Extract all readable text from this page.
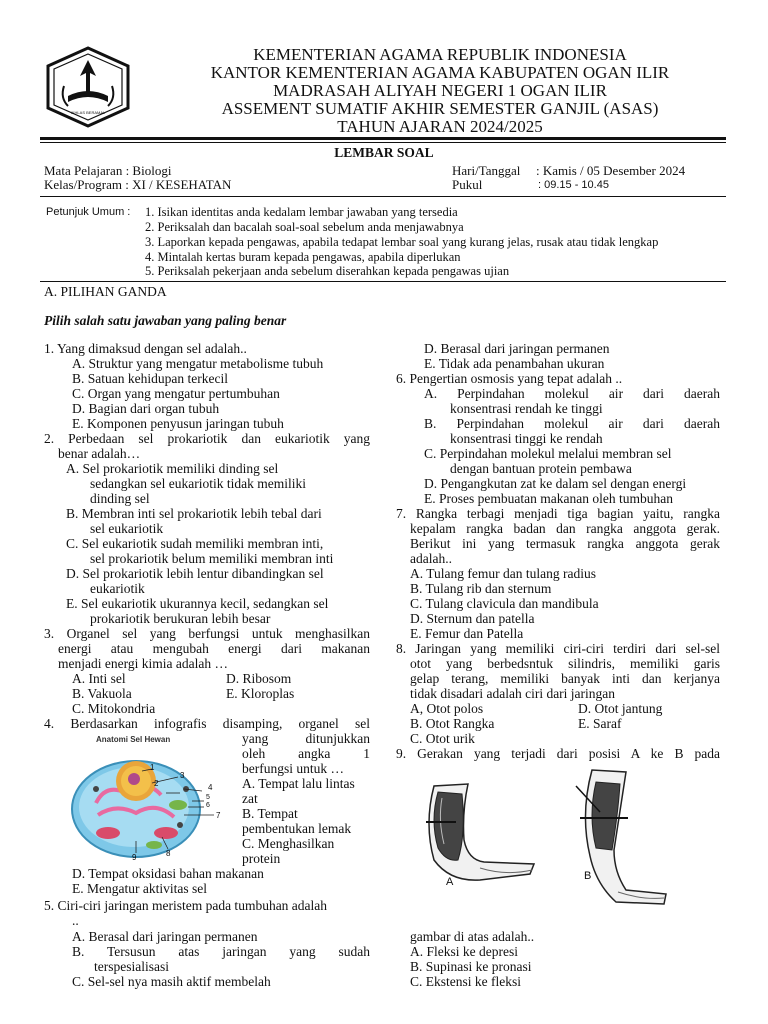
IKHLAS BERAMAL
KEMENTERIAN AGAMA REPUBLIK INDONESIA
KANTOR KEMENTERIAN AGAMA KABUPATEN OGAN ILIR
MADRASAH ALIYAH NEGERI 1 OGAN ILIR
ASSEMENT SUMATIF AKHIR SEMESTER GANJIL (ASAS)
TAHUN AJARAN 2024/2025
LEMBAR SOAL
Mata Pelajaran : Biologi
Kelas/Program : XI / KESEHATAN
Hari/Tanggal : Kamis / 05 Desember 2024
Pukul	: 09.15 - 10.45
Petunjuk Umum : 1. Isikan identitas anda kedalam lembar jawaban yang tersedia
2. Periksalah dan bacalah soal-soal sebelum anda menjawabnya
3. Laporkan kepada pengawas, apabila tedapat lembar soal yang kurang jelas, rusak atau tidak lengkap
4. Mintalah kertas buram kepada pengawas, apabila diperlukan
5. Periksalah pekerjaan anda sebelum diserahkan kepada pengawas ujian
A. PILIHAN GANDA
Pilih salah satu jawaban yang paling benar
1. Yang dimaksud dengan sel adalah..
A. Struktur yang mengatur metabolisme tubuh
B. Satuan kehidupan terkecil
C. Organ yang mengatur pertumbuhan
D. Bagian dari organ tubuh
E. Komponen penyusun jaringan tubuh
2. Perbedaan sel prokariotik dan eukariotik yang
benar adalah…
A. Sel prokariotik memiliki dinding sel
sedangkan sel eukariotik tidak memiliki
dinding sel
B. Membran inti sel prokariotik lebih tebal dari
sel eukariotik
C. Sel eukariotik sudah memiliki membran inti,
sel prokariotik belum memiliki membran inti
D. Sel prokariotik lebih lentur dibandingkan sel
eukariotik
E. Sel eukariotik ukurannya kecil, sedangkan sel
prokariotik berukuran lebih besar
3. Organel sel yang berfungsi untuk menghasilkan
energi atau mengubah energi dari makanan
menjadi energi kimia adalah …
A. Inti sel	D. Ribosom
B. Vakuola	E. Kloroplas
C. Mitokondria
4. Berdasarkan infografis disamping, organel sel
yang ditunjukkan
oleh angka 1
berfungsi untuk …
A. Tempat lalu lintas
zat
B. Tempat
pembentukan lemak
C. Menghasilkan
protein
D. Tempat oksidasi bahan makanan
E. Mengatur aktivitas sel
Anatomi Sel Hewan
1
2
3
4
5
6
7
8
9
5. Ciri-ciri jaringan meristem pada tumbuhan adalah
..
A. Berasal dari jaringan permanen
B. Tersusun atas jaringan yang sudah
terspesialisasi
C. Sel-sel nya masih aktif membelah
D. Berasal dari jaringan permanen
E. Tidak ada penambahan ukuran
6. Pengertian osmosis yang tepat adalah ..
A. Perpindahan molekul air dari daerah
konsentrasi rendah ke tinggi
B. Perpindahan molekul air dari daerah
konsentrasi tinggi ke rendah
C. Perpindahan molekul melalui membran sel
dengan bantuan protein pembawa
D. Pengangkutan zat ke dalam sel dengan energi
E. Proses pembuatan makanan oleh tumbuhan
7. Rangka terbagi menjadi tiga bagian yaitu, rangka
kepalam rangka badan dan rangka anggota gerak.
Berikut ini yang termasuk rangka anggota gerak
adalah..
A. Tulang femur dan tulang radius
B. Tulang rib dan sternum
C. Tulang clavicula dan mandibula
D. Sternum dan patella
E. Femur dan Patella
8. Jaringan yang memiliki ciri-ciri terdiri dari sel-sel
otot yang berbedsntuk silindris, memiliki garis
gelap terang, memiliki banyak inti dan kerjanya
tidak disadari adalah ciri dari jaringan
A, Otot polos	D. Otot jantung
B. Otot Rangka	E. Saraf
C. Otot urik
9. Gerakan yang terjadi dari posisi A ke B pada
A	B
gambar di atas adalah..
A. Fleksi ke depresi
B. Supinasi ke pronasi
C. Ekstensi ke fleksi
